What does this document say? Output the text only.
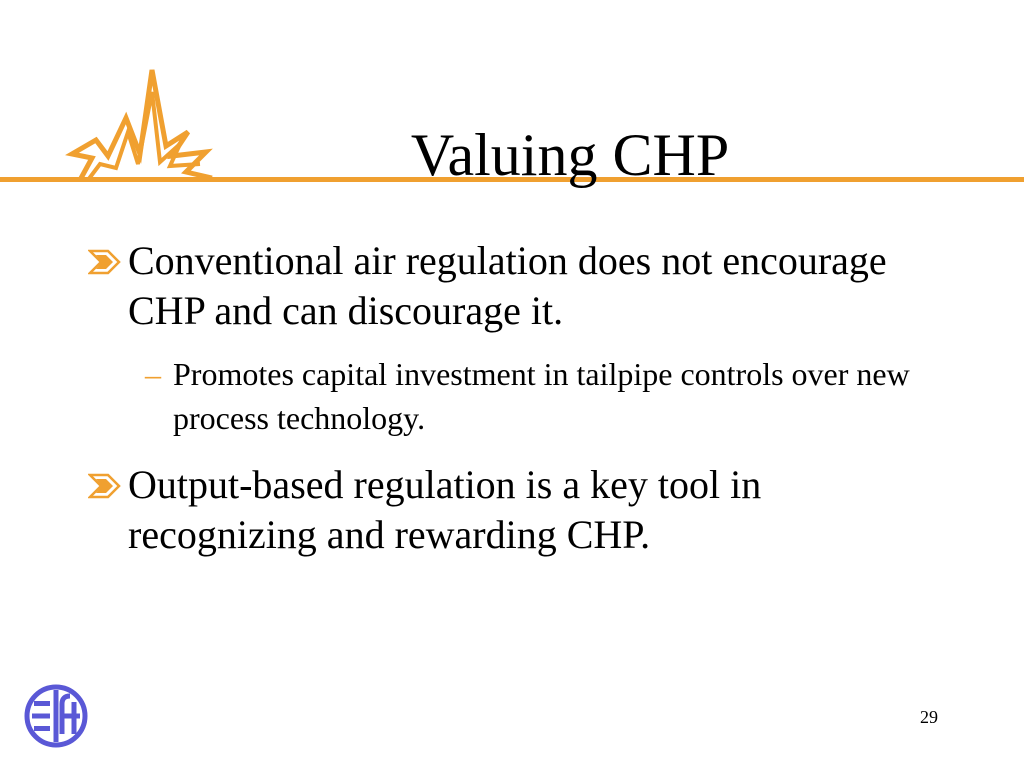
Valuing CHP
Conventional air regulation does not encourage CHP and can discourage it.
– Promotes capital investment in tailpipe controls over new process technology.
Output-based regulation is a key tool in recognizing and rewarding CHP.
29
